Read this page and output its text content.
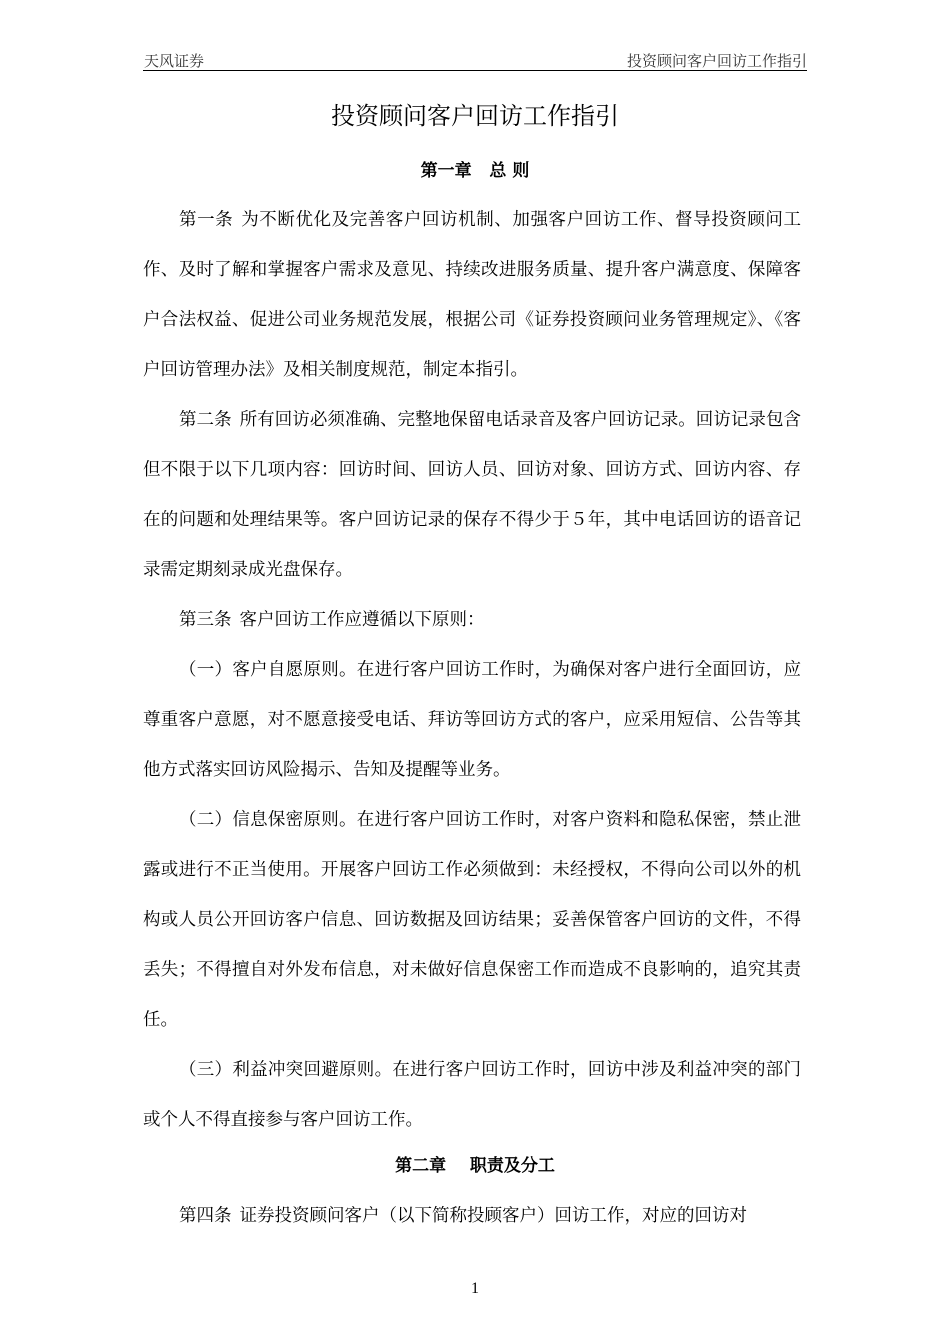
天风证券	投资顾问客户回访工作指引
投资顾问客户回访工作指引
第一章 总 则

第一条 为不断优化及完善客户回访机制、加强客户回访工作、督导投资顾问工作、及时了解和掌握客户需求及意见、持续改进服务质量、提升客户满意度、保障客户合法权益、促进公司业务规范发展，根据公司《证券投资顾问业务管理规定》、《客户回访管理办法》及相关制度规范，制定本指引。

第二条 所有回访必须准确、完整地保留电话录音及客户回访记录。回访记录包含但不限于以下几项内容：回访时间、回访人员、回访对象、回访方式、回访内容、存在的问题和处理结果等。客户回访记录的保存不得少于５年，其中电话回访的语音记录需定期刻录成光盘保存。

第三条 客户回访工作应遵循以下原则：

（一）客户自愿原则。在进行客户回访工作时，为确保对客户进行全面回访，应尊重客户意愿，对不愿意接受电话、拜访等回访方式的客户，应采用短信、公告等其他方式落实回访风险揭示、告知及提醒等业务。

（二）信息保密原则。在进行客户回访工作时，对客户资料和隐私保密，禁止泄露或进行不正当使用。开展客户回访工作必须做到：未经授权，不得向公司以外的机构或人员公开回访客户信息、回访数据及回访结果；妥善保管客户回访的文件，不得丢失；不得擅自对外发布信息，对未做好信息保密工作而造成不良影响的，追究其责任。

（三）利益冲突回避原则。在进行客户回访工作时，回访中涉及利益冲突的部门或个人不得直接参与客户回访工作。

第二章 职责及分工

第四条 证券投资顾问客户（以下简称投顾客户）回访工作，对应的回访对

1
